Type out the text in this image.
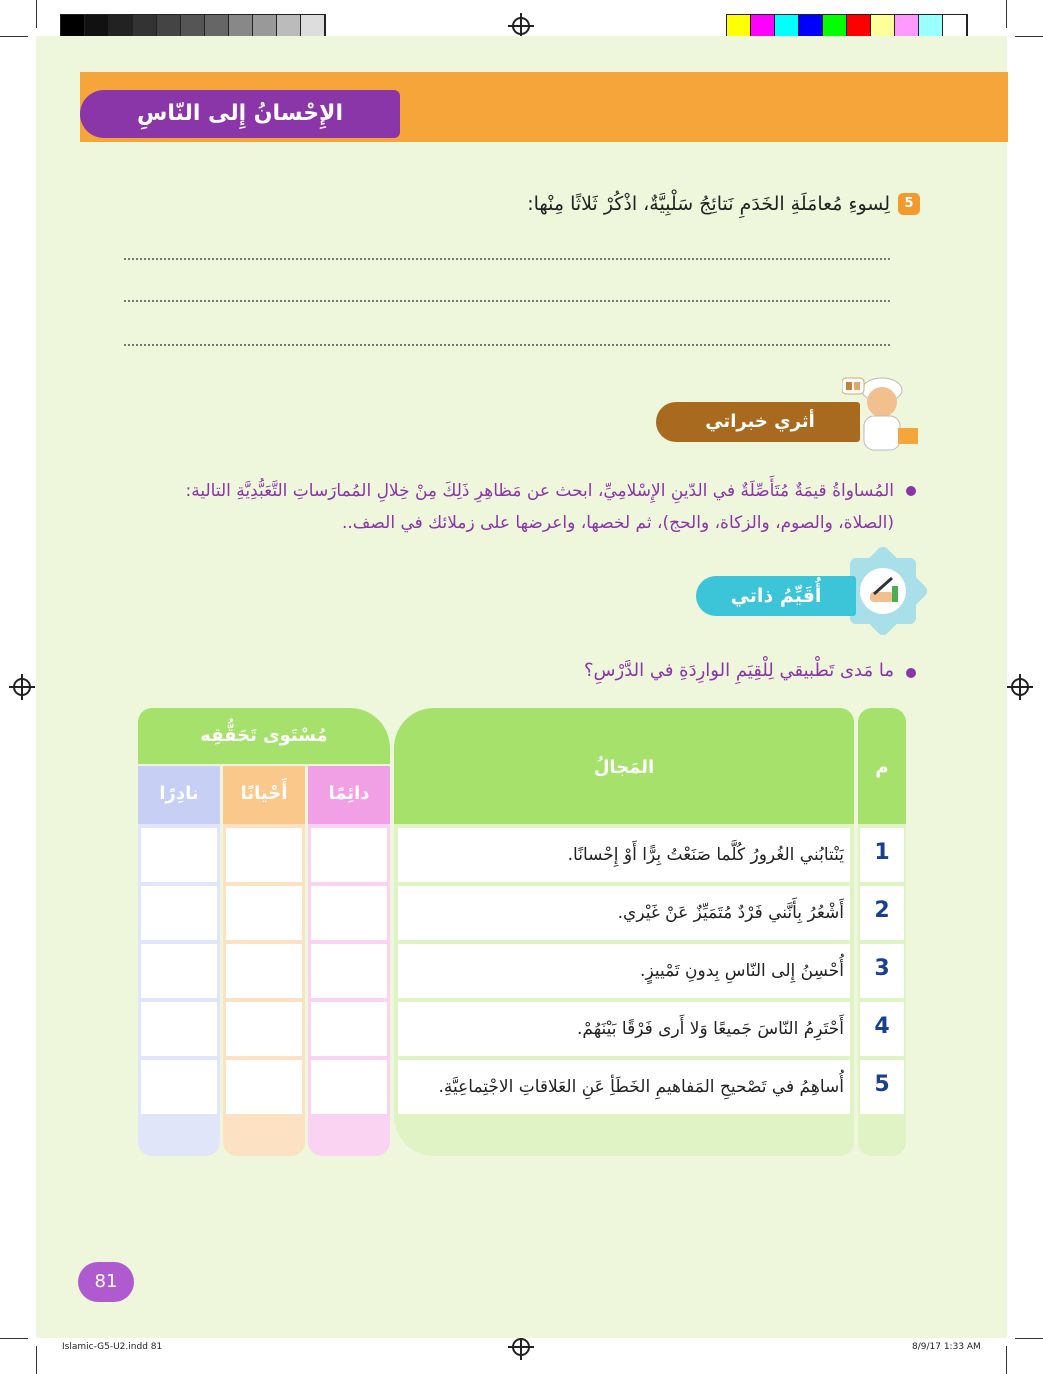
الإِحْسانُ إِلى النّاسِ
5
لِسوءِ مُعامَلَةِ الخَدَمِ نَتائِجُ سَلْبِيَّةٌ، اذْكُرْ ثَلاثًا مِنْها:
أثري خبراتي
المُساواةُ قيمَةٌ مُتَأَصِّلَةٌ في الدّينِ الإِسْلامِيِّ، ابحث عن مَظاهِرِ ذَلِكَ مِنْ خِلالِ المُمارَساتِ التَّعَبُّدِيَّةِ التالية:
(الصلاة، والصوم، والزكاة، والحج)، ثم لخصها، واعرضها على زملائك في الصف..
أُقَيِّمُ ذاتي
ما مَدى تَطْبيقي لِلْقِيَمِ الوارِدَةِ في الدَّرْسِ؟
م
المَجالُ
مُسْتَوى تَحَقُّقِه
دائِمًا
أَحْيانًا
نادِرًا
1
يَنْتابُني الغُرورُ كُلَّما صَنَعْتُ بِرًّا أَوْ إِحْسانًا.
2
أَشْعُرُ بِأَنَّني فَرْدٌ مُتَمَيِّزٌ عَنْ غَيْري.
3
أُحْسِنُ إِلى النّاسِ بِدونِ تَمْييزٍ.
4
أَحْتَرِمُ النّاسَ جَميعًا وَلا أَرى فَرْقًا بَيْنَهُمْ.
5
أُساهِمُ في تَصْحيحِ المَفاهيمِ الخَطَأِ عَنِ العَلاقاتِ الاجْتِماعِيَّةِ.
81
Islamic-G5-U2.indd 81	8/9/17 1:33 AM
